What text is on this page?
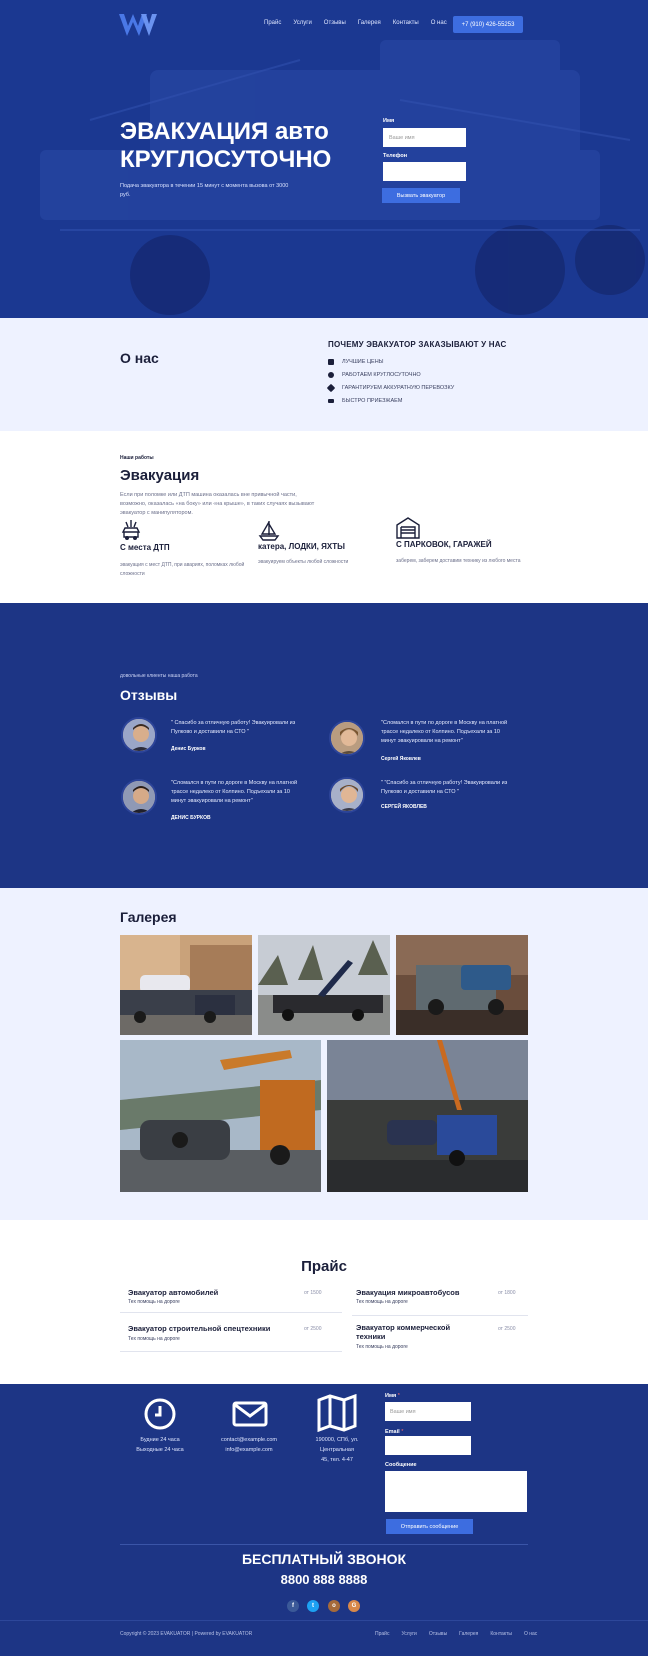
Прайс Услуги Отзывы Галерея Контакты О нас	+7 (910) 426-55253
ЭВАКУАЦИЯ авто
КРУГЛОСУТОЧНО
Подача эвакуатора в течении 15 минут с момента вызова от 3000 руб.
Имя
Ваше имя
Телефон
Вызвать эвакуатор
О нас
ПОЧЕМУ ЭВАКУАТОР ЗАКАЗЫВАЮТ У НАС
ЛУЧШИЕ ЦЕНЫ
РАБОТАЕМ КРУГЛОСУТОЧНО
ГАРАНТИРУЕМ АККУРАТНУЮ ПЕРЕВОЗКУ
БЫСТРО ПРИЕЗЖАЕМ
Наши работы
Эвакуация
Если при поломке или ДТП машина оказалась вне привычной части, возможно, оказалась «на боку» или «на крыше», в таких случаях вызывают эвакуатор с манипулятором.
С места ДТП
эвакуация с мест ДТП, при авариях, поломках любой сложности
катера, ЛОДКИ, ЯХТЫ
эвакуируем объекты любой сложности
С ПАРКОВОК, ГАРАЖЕЙ
заберем, заберем доставим технику из любого места
довольные клиенты наша работа
Отзывы
" Спасибо за отличную работу! Эвакуировали из Пулково и доставили на СТО "
Денис Бурков
"Сломался в пути по дороге в Москву на платной трассе недалеко от Колпино. Подъехали за 10 минут эвакуировали на ремонт"
Сергей Яковлев
"Сломался в пути по дороге в Москву на платной трассе недалеко от Колпино. Подъехали за 10 минут эвакуировали на ремонт"
ДЕНИС БУРКОВ
" "Спасибо за отличную работу! Эвакуировали из Пулково и доставили на СТО "
СЕРГЕЙ ЯКОВЛЕВ
Галерея
Прайс
Эвакуатор автомобилей	от 1500
Тех помощь на дороге
Эвакуация микроавтобусов	от 1800
Тех помощь на дороге
Эвакуатор строительной спецтехники	от 2500
Тех помощь на дороге
Эвакуатор коммерческой
техники
от 2500
Тех помощь на дороге
Будние 24 часа
Выходные 24 часа
contact@example.com
info@example.com
190000, СПб, ул.
Центральная
45, тел. 4-47
Имя *
Ваше имя
Email *
Сообщение
Отправить сообщение
БЕСПЛАТНЫЙ ЗВОНОК
8800 888 8888
f	t	o	G
Copyright © 2023 EVAKUATOR | Powered by EVAKUATOR	Прайс Услуги Отзывы Галерея Контакты О нас
